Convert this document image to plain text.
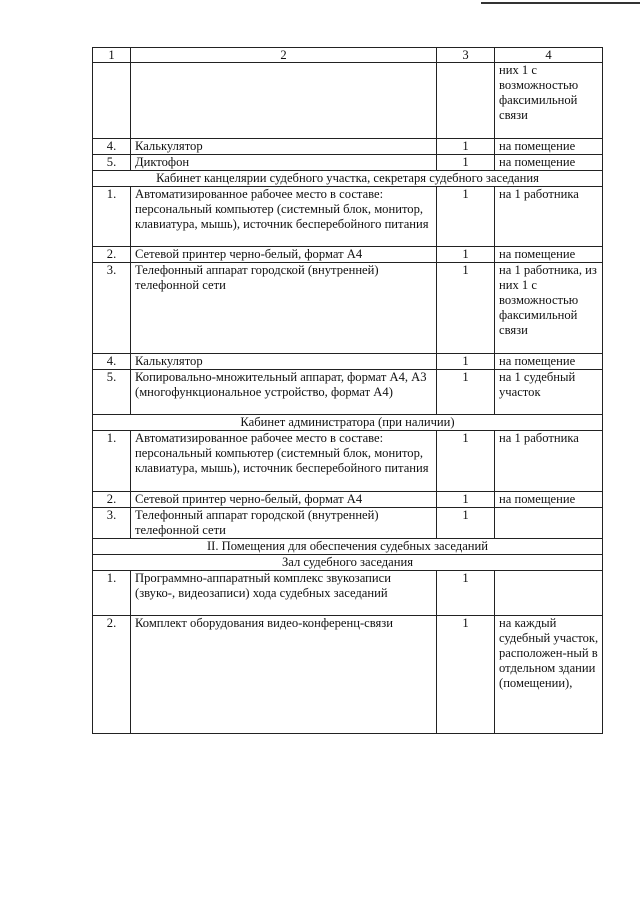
1	2	3	4
			них 1 с возможностью факсимильной связи
4.	Калькулятор	1	на помещение
5.	Диктофон	1	на помещение
Кабинет канцелярии судебного участка, секретаря судебного заседания			
1.	Автоматизированное рабочее место в составе: персональный компьютер (системный блок, монитор, клавиатура, мышь), источник бесперебойного питания	1	на 1 работника
2.	Сетевой принтер черно-белый, формат А4	1	на помещение
3.	Телефонный аппарат городской (внутренней) телефонной сети	1	на 1 работника, из них 1 с возможностью факсимильной связи
4.	Калькулятор	1	на помещение
5.	Копировально-множительный аппарат, формат А4, А3 (многофункциональное устройство, формат А4)	1	на 1 судебный участок
Кабинет администратора (при наличии)			
1.	Автоматизированное рабочее место в составе: персональный компьютер (системный блок, монитор, клавиатура, мышь), источник бесперебойного питания	1	на 1 работника
2.	Сетевой принтер черно-белый, формат А4	1	на помещение
3.	Телефонный аппарат городской (внутренней) телефонной сети	1	
II. Помещения для обеспечения судебных заседаний			
Зал судебного заседания			
1.	Программно-аппаратный комплекс звукозаписи (звуко-, видеозаписи) хода судебных заседаний	1	
2.	Комплект оборудования видео-конференц-связи	1	на каждый судебный участок, расположен-ный в отдельном здании (помещении),
